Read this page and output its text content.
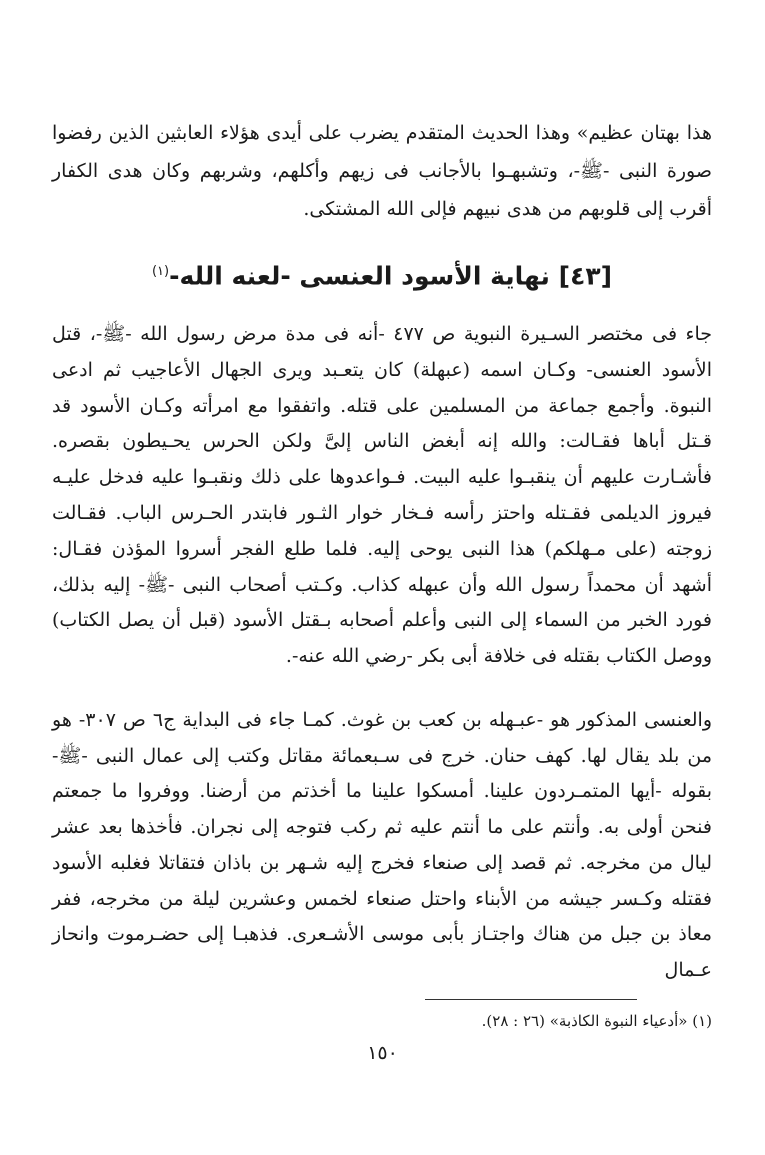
هذا بهتان عظيم» وهذا الحديث المتقدم يضرب على أيدى هؤلاء العابثين الذين رفضوا صورة النبى -ﷺ-، وتشبهـوا بالأجانب فى زيهم وأكلهم، وشربهم وكان هدى الكفار أقرب إلى قلوبهم من هدى نبيهم فإلى الله المشتكى.

[٤٣] نهاية الأسود العنسى -لعنه الله-$^{(١)}$

جاء فى مختصر السـيرة النبوية ص ٤٧٧ -أنه فى مدة مرض رسول الله -ﷺ-، قتل الأسود العنسى- وكـان اسمه (عبهلة) كان يتعـبد ويرى الجهال الأعاجيب ثم ادعى النبوة. وأجمع جماعة من المسلمين على قتله. واتفقوا مع امرأته وكـان الأسود قد قـتل أباها فقـالت: والله إنه أبغض الناس إلىَّ ولكن الحرس يحـيطون بقصره. فأشـارت عليهم أن ينقبـوا عليه البيت. فـواعدوها على ذلك ونقبـوا عليه فدخل عليـه فيروز الديلمى فقـتله واحتز رأسه فـخار خوار الثـور فابتدر الحـرس الباب. فقـالت زوجته (على مـهلكم) هذا النبى يوحى إليه. فلما طلع الفجر أسروا المؤذن فقـال: أشهد أن محمداً رسول الله وأن عبهله كذاب. وكـتب أصحاب النبى -ﷺ- إليه بذلك، فورد الخبر من السماء إلى النبى وأعلم أصحابه بـقتل الأسود (قبل أن يصل الكتاب) ووصل الكتاب بقتله فى خلافة أبى بكر -رضي الله عنه-.

والعنسى المذكور هو -عبـهله بن كعب بن غوث. كمـا جاء فى البداية ج٦ ص ٣٠٧- هو من بلد يقال لها. كهف حنان. خرج فى سـبعمائة مقاتل وكتب إلى عمال النبى -ﷺ- بقوله -أيها المتمـردون علينا. أمسكوا علينا ما أخذتم من أرضنا. ووفروا ما جمعتم فنحن أولى به. وأنتم على ما أنتم عليه ثم ركب فتوجه إلى نجران. فأخذها بعد عشر ليال من مخرجه. ثم قصد إلى صنعاء فخرج إليه شـهر بن باذان فتقاتلا فغلبه الأسود فقتله وكـسر جيشه من الأبناء واحتل صنعاء لخمس وعشرين ليلة من مخرجه، ففر معاذ بن جبل من هناك واجتـاز بأبى موسى الأشـعرى. فذهبـا إلى حضـرموت وانحاز عـمال

(١) «أدعياء النبوة الكاذبة» (٢٦ : ٢٨).

١٥٠
